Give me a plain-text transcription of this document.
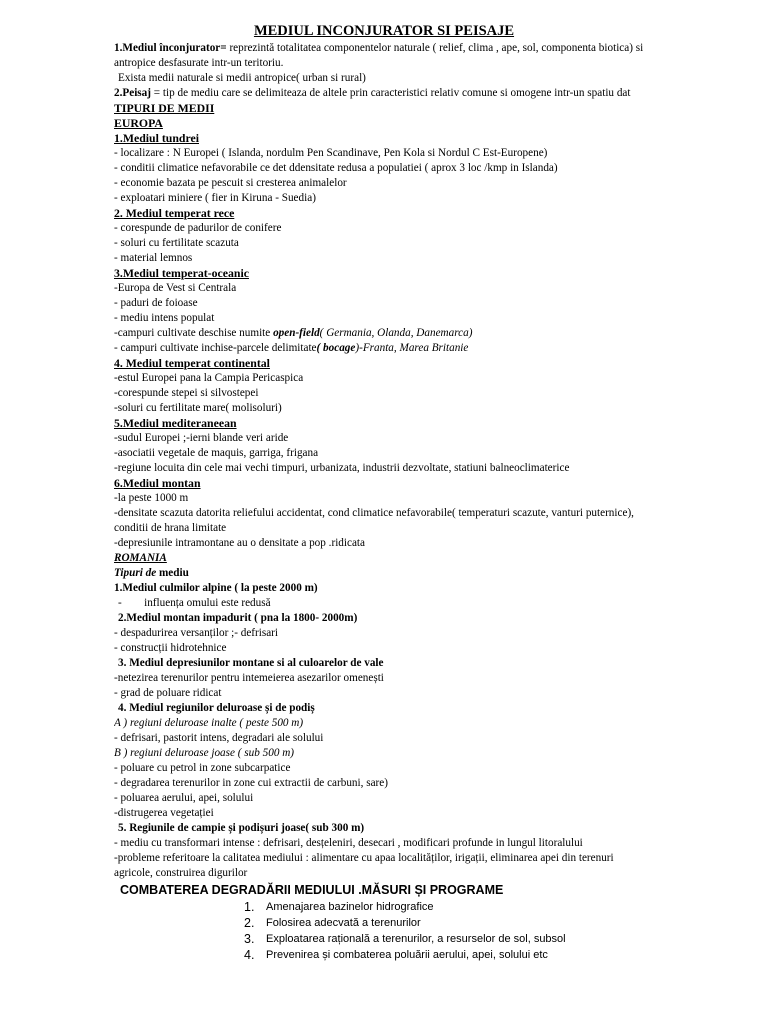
MEDIUL INCONJURATOR SI PEISAJE
1.Mediul înconjurator= reprezintă totalitatea componentelor naturale ( relief, clima , ape, sol, componenta biotica) si antropice desfasurate intr-un teritoriu.
Exista medii naturale si medii antropice( urban si rural)
2.Peisaj = tip de mediu care se delimiteaza de altele prin caracteristici relativ comune si omogene intr-un spatiu dat
TIPURI DE MEDII
EUROPA
1.Mediul tundrei
- localizare : N Europei ( Islanda, nordulm Pen Scandinave, Pen Kola si Nordul C Est-Europene)
- conditii climatice nefavorabile ce det ddensitate redusa a populatiei ( aprox 3 loc /kmp in Islanda)
- economie bazata pe pescuit si cresterea animalelor
- exploatari miniere ( fier in Kiruna - Suedia)
2. Mediul temperat rece
- corespunde de padurilor de conifere
- soluri cu fertilitate scazuta
- material lemnos
3.Mediul temperat-oceanic
-Europa de Vest si Centrala
- paduri de foioase
- mediu intens populat
-campuri cultivate deschise numite open-field( Germania, Olanda, Danemarca)
- campuri cultivate inchise-parcele delimitate( bocage)-Franta, Marea Britanie
4. Mediul temperat continental
-estul Europei pana la Campia Pericaspica
-corespunde stepei si silvostepei
-soluri cu fertilitate mare( molisoluri)
5.Mediul mediteraneean
-sudul Europei ;-ierni blande veri aride
-asociatii vegetale de maquis, garriga, frigana
-regiune locuita din cele mai vechi timpuri, urbanizata, industrii dezvoltate, statiuni balneoclimaterice
6.Mediul montan
-la peste 1000 m
-densitate scazuta datorita reliefului accidentat, cond climatice nefavorabile( temperaturi scazute, vanturi puternice), conditii de hrana limitate
-depresiunile intramontane au o densitate a pop .ridicata
ROMANIA
Tipuri de mediu
1.Mediul culmilor alpine ( la peste 2000 m)
-        influența omului este redusă
2.Mediul montan impadurit ( pna la 1800- 2000m)
- despadurirea versanților ;- defrisari
- construcții hidrotehnice
3. Mediul depresiunilor montane si al culoarelor de vale
-netezirea terenurilor pentru intemeierea asezarilor omenești
- grad de poluare ridicat
4. Mediul regiunilor deluroase și de podiș
A ) regiuni deluroase inalte ( peste 500 m)
- defrisari, pastorit intens, degradari ale solului
B ) regiuni deluroase joase ( sub 500 m)
- poluare cu petrol in zone subcarpatice
- degradarea terenurilor in zone cui extractii de carbuni, sare)
- poluarea aerului, apei, solului
-distrugerea vegetației
5. Regiunile de campie și podișuri joase( sub 300 m)
- mediu cu transformari intense : defrisari, desțeleniri, desecari , modificari profunde in lungul litoralului
-probleme referitoare la calitatea mediului : alimentare cu apaa localităților, irigații, eliminarea apei din terenuri agricole, construirea digurilor
COMBATEREA DEGRADĂRII MEDIULUI .MĂSURI ȘI PROGRAME
1. Amenajarea bazinelor hidrografice
2. Folosirea adecvată a terenurilor
3. Exploatarea rațională a terenurilor, a resurselor de sol, subsol
4. Prevenirea și combaterea poluării aerului, apei, solului etc
